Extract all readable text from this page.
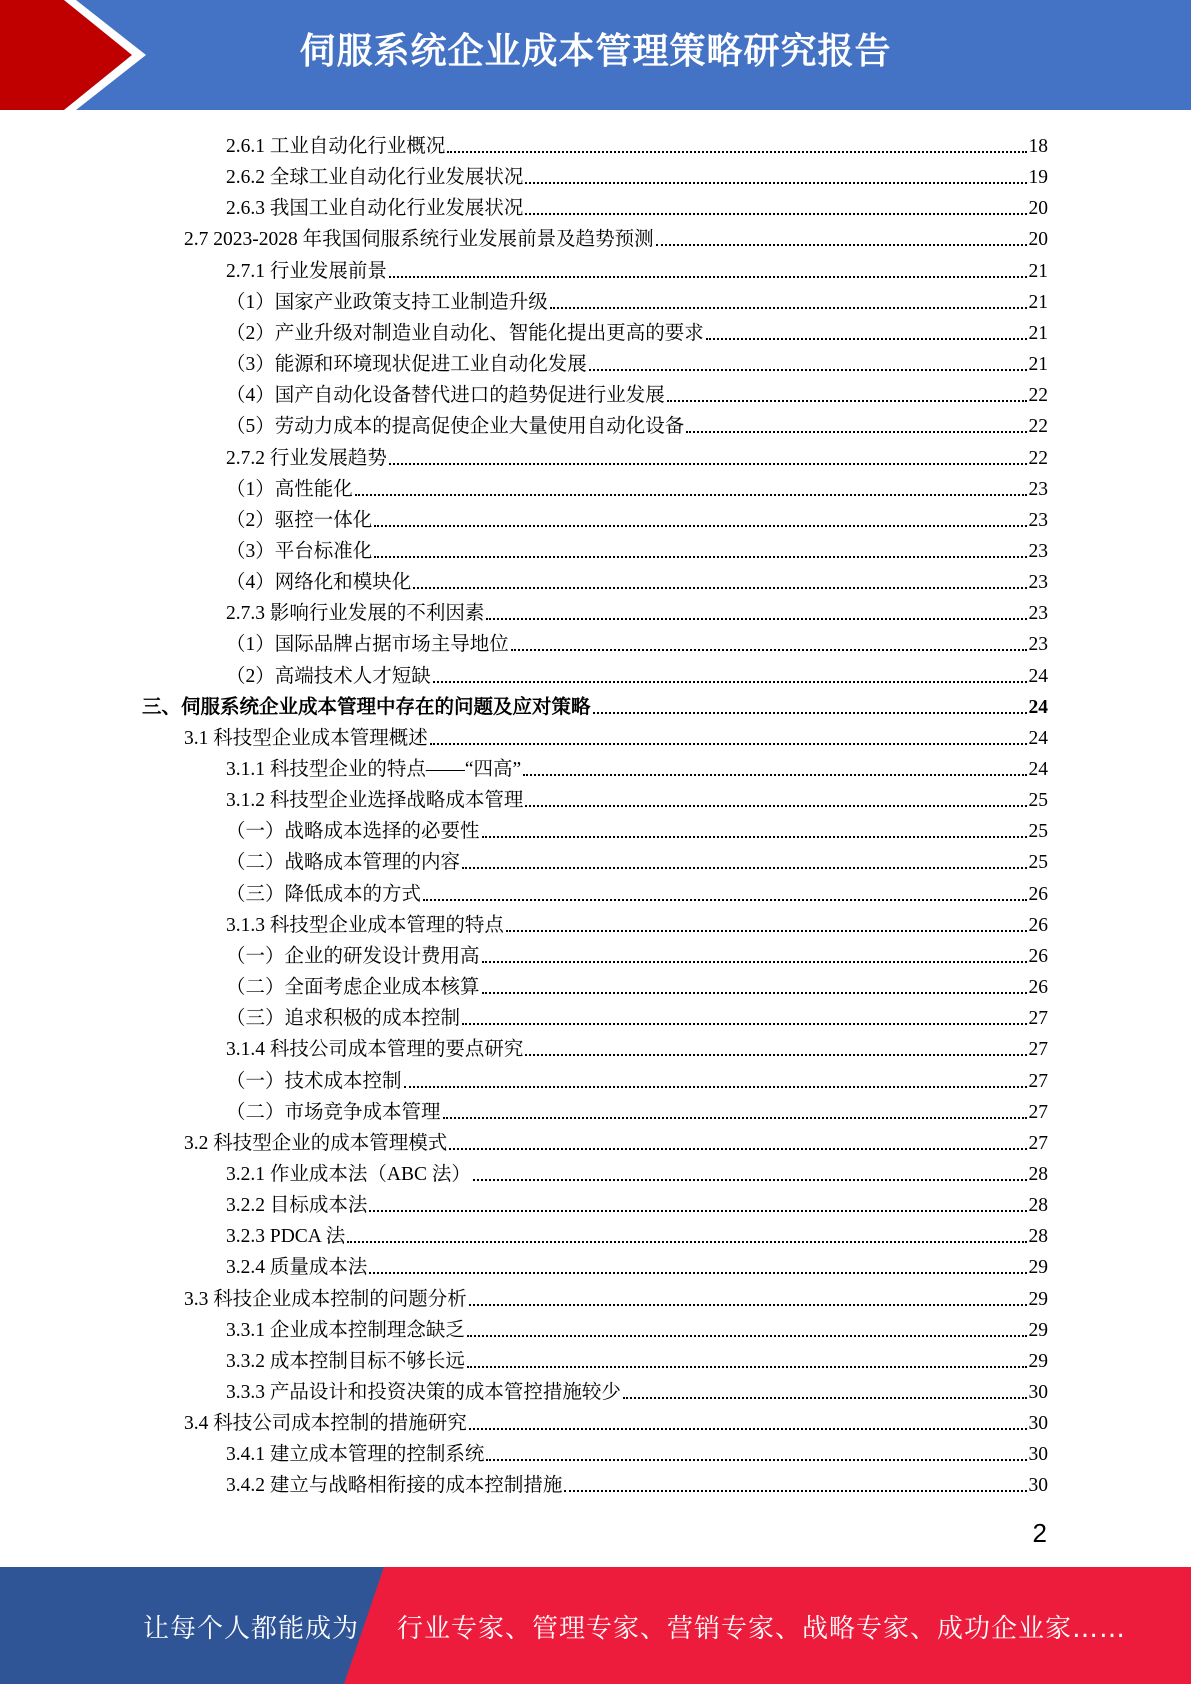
伺服系统企业成本管理策略研究报告
2.6.1 工业自动化行业概况	18
2.6.2 全球工业自动化行业发展状况	19
2.6.3 我国工业自动化行业发展状况	20
2.7 2023-2028 年我国伺服系统行业发展前景及趋势预测	20
2.7.1 行业发展前景	21
（1）国家产业政策支持工业制造升级	21
（2）产业升级对制造业自动化、智能化提出更高的要求	21
（3）能源和环境现状促进工业自动化发展	21
（4）国产自动化设备替代进口的趋势促进行业发展	22
（5）劳动力成本的提高促使企业大量使用自动化设备	22
2.7.2 行业发展趋势	22
（1）高性能化	23
（2）驱控一体化	23
（3）平台标准化	23
（4）网络化和模块化	23
2.7.3 影响行业发展的不利因素	23
（1）国际品牌占据市场主导地位	23
（2）高端技术人才短缺	24
三、伺服系统企业成本管理中存在的问题及应对策略	24
3.1 科技型企业成本管理概述	24
3.1.1 科技型企业的特点——“四高”	24
3.1.2 科技型企业选择战略成本管理	25
（一）战略成本选择的必要性	25
（二）战略成本管理的内容	25
（三）降低成本的方式	26
3.1.3 科技型企业成本管理的特点	26
（一）企业的研发设计费用高	26
（二）全面考虑企业成本核算	26
（三）追求积极的成本控制	27
3.1.4 科技公司成本管理的要点研究	27
（一）技术成本控制	27
（二）市场竞争成本管理	27
3.2 科技型企业的成本管理模式	27
3.2.1 作业成本法（ABC 法）	28
3.2.2 目标成本法	28
3.2.3 PDCA 法	28
3.2.4 质量成本法	29
3.3 科技企业成本控制的问题分析	29
3.3.1 企业成本控制理念缺乏	29
3.3.2 成本控制目标不够长远	29
3.3.3 产品设计和投资决策的成本管控措施较少	30
3.4 科技公司成本控制的措施研究	30
3.4.1 建立成本管理的控制系统	30
3.4.2 建立与战略相衔接的成本控制措施	30
2
让每个人都能成为 行业专家、管理专家、营销专家、战略专家、成功企业家……
